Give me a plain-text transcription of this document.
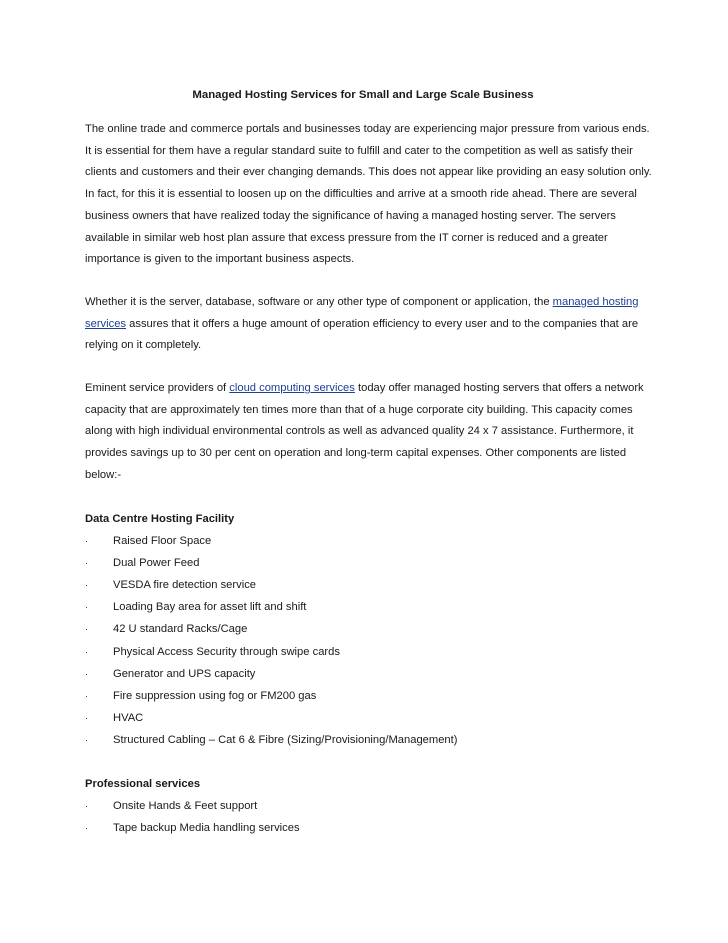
Managed Hosting Services for Small and Large Scale Business
The online trade and commerce portals and businesses today are experiencing major pressure from various ends.
It is essential for them have a regular standard suite to fulfill and cater to the competition as well as satisfy their
clients and customers and their ever changing demands. This does not appear like providing an easy solution only.
In fact, for this it is essential to loosen up on the difficulties and arrive at a smooth ride ahead. There are several
business owners that have realized today the significance of having a managed hosting server. The servers
available in similar web host plan assure that excess pressure from the IT corner is reduced and a greater
importance is given to the important business aspects.
Whether it is the server, database, software or any other type of component or application, the managed hosting
services assures that it offers a huge amount of operation efficiency to every user and to the companies that are
relying on it completely.
Eminent service providers of cloud computing services today offer managed hosting servers that offers a network
capacity that are approximately ten times more than that of a huge corporate city building. This capacity comes
along with high individual environmental controls as well as advanced quality 24 x 7 assistance. Furthermore, it
provides savings up to 30 per cent on operation and long-term capital expenses. Other components are listed
below:-
Data Centre Hosting Facility
·	Raised Floor Space
·	Dual Power Feed
·	VESDA fire detection service
·	Loading Bay area for asset lift and shift
·	42 U standard Racks/Cage
·	Physical Access Security through swipe cards
·	Generator and UPS capacity
·	Fire suppression using fog or FM200 gas
·	HVAC
·	Structured Cabling – Cat 6 & Fibre (Sizing/Provisioning/Management)
Professional services
·	Onsite Hands & Feet support
·	Tape backup Media handling services
